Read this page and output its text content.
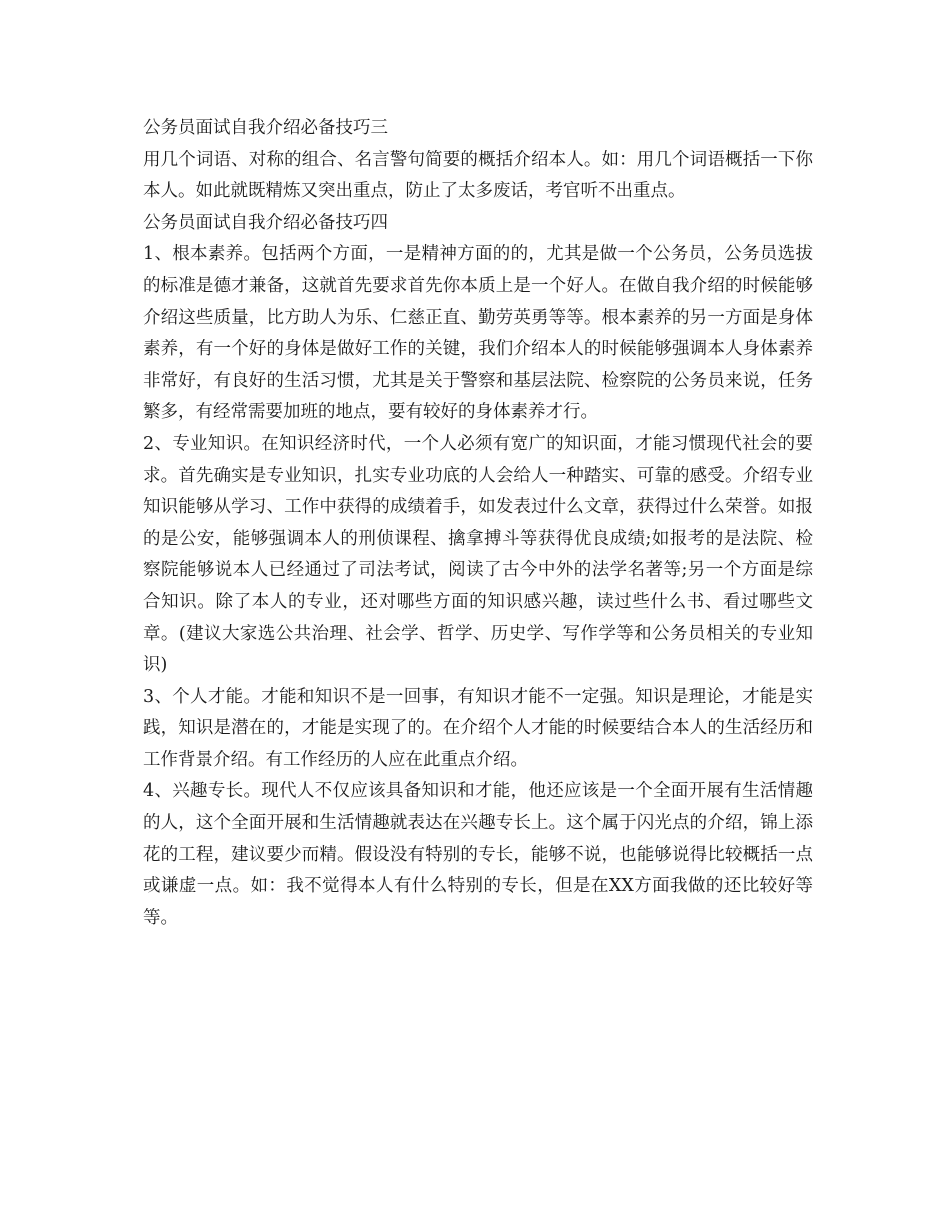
公务员面试自我介绍必备技巧三

用几个词语、对称的组合、名言警句简要的概括介绍本人。如：用几个词语概括一下你本人。如此就既精炼又突出重点，防止了太多废话，考官听不出重点。

公务员面试自我介绍必备技巧四

1、根本素养。包括两个方面，一是精神方面的的，尤其是做一个公务员，公务员选拔的标准是德才兼备，这就首先要求首先你本质上是一个好人。在做自我介绍的时候能够介绍这些质量，比方助人为乐、仁慈正直、勤劳英勇等等。根本素养的另一方面是身体素养，有一个好的身体是做好工作的关键，我们介绍本人的时候能够强调本人身体素养非常好，有良好的生活习惯，尤其是关于警察和基层法院、检察院的公务员来说，任务繁多，有经常需要加班的地点，要有较好的身体素养才行。

2、专业知识。在知识经济时代，一个人必须有宽广的知识面，才能习惯现代社会的要求。首先确实是专业知识，扎实专业功底的人会给人一种踏实、可靠的感受。介绍专业知识能够从学习、工作中获得的成绩着手，如发表过什么文章，获得过什么荣誉。如报的是公安，能够强调本人的刑侦课程、擒拿搏斗等获得优良成绩;如报考的是法院、检察院能够说本人已经通过了司法考试，阅读了古今中外的法学名著等;另一个方面是综合知识。除了本人的专业，还对哪些方面的知识感兴趣，读过些什么书、看过哪些文章。(建议大家选公共治理、社会学、哲学、历史学、写作学等和公务员相关的专业知识)

3、个人才能。才能和知识不是一回事，有知识才能不一定强。知识是理论，才能是实践，知识是潜在的，才能是实现了的。在介绍个人才能的时候要结合本人的生活经历和工作背景介绍。有工作经历的人应在此重点介绍。

4、兴趣专长。现代人不仅应该具备知识和才能，他还应该是一个全面开展有生活情趣的人，这个全面开展和生活情趣就表达在兴趣专长上。这个属于闪光点的介绍，锦上添花的工程，建议要少而精。假设没有特别的专长，能够不说，也能够说得比较概括一点或谦虚一点。如：我不觉得本人有什么特别的专长，但是在XX方面我做的还比较好等等。
